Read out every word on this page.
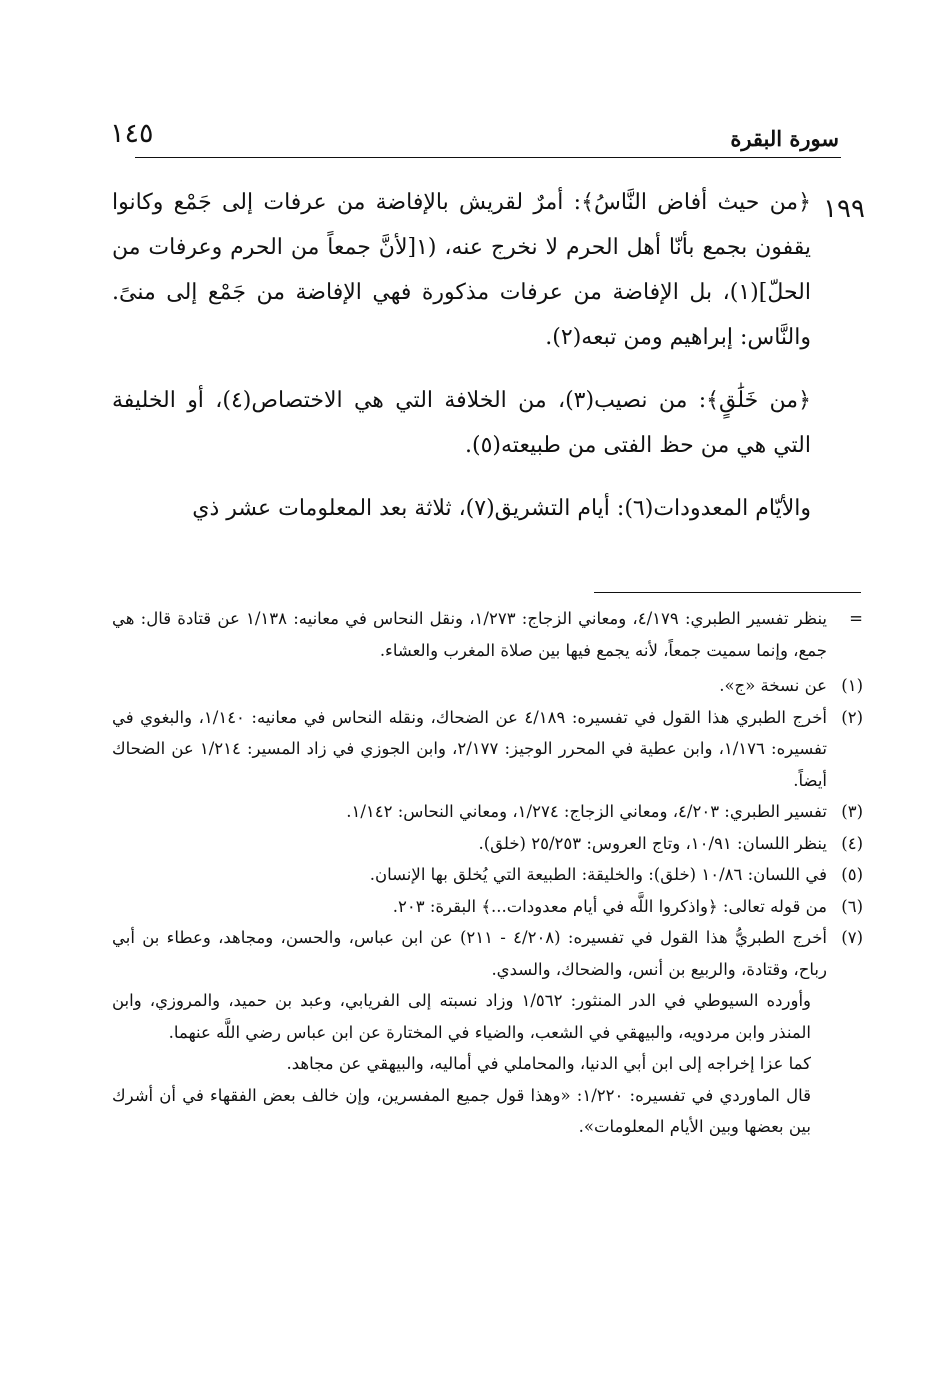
١٤٥	سورة البقرة
١٩٩

﴿من حيث أفاض النَّاسُ﴾: أمرٌ لقريش بالإفاضة من عرفات إلى جَمْع وكانوا يقفون بجمع بأنّا أهل الحرم لا نخرج عنه، (١[لأنَّ جمعاً من الحرم وعرفات من الحلّ](١)، بل الإفاضة من عرفات مذكورة فهي الإفاضة من جَمْع إلى منىً. والنَّاس: إبراهيم ومن تبعه(٢).

﴿من خَلَٰقٍ﴾: من نصيب(٣)، من الخلافة التي هي الاختصاص(٤)، أو الخليفة التي هي من حظ الفتى من طبيعته(٥).

والأيّام المعدودات(٦): أيام التشريق(٧)، ثلاثة بعد المعلومات عشر ذي

=
ينظر تفسير الطبري: ٤/١٧٩، ومعاني الزجاج: ١/٢٧٣، ونقل النحاس في معانيه: ١/١٣٨ عن قتادة قال: هي جمع، وإنما سميت جمعاً، لأنه يجمع فيها بين صلاة المغرب والعشاء.
(١)
عن نسخة «ج».
(٢)
أخرج الطبري هذا القول في تفسيره: ٤/١٨٩ عن الضحاك، ونقله النحاس في معانيه: ١/١٤٠، والبغوي في تفسيره: ١/١٧٦، وابن عطية في المحرر الوجيز: ٢/١٧٧، وابن الجوزي في زاد المسير: ١/٢١٤ عن الضحاك أيضاً.
(٣)
تفسير الطبري: ٤/٢٠٣، ومعاني الزجاج: ١/٢٧٤، ومعاني النحاس: ١/١٤٢.
(٤)
ينظر اللسان: ١٠/٩١، وتاج العروس: ٢٥/٢٥٣ (خلق).
(٥)
في اللسان: ١٠/٨٦ (خلق): والخليقة: الطبيعة التي يُخلق بها الإنسان.
(٦)
من قوله تعالى: ﴿واذكروا اللَّه في أيام معدودات...﴾ البقرة: ٢٠٣.
(٧)
أخرج الطبريُّ هذا القول في تفسيره: (٤/٢٠٨ - ٢١١) عن ابن عباس، والحسن، ومجاهد، وعطاء بن أبي رباح، وقتادة، والربيع بن أنس، والضحاك، والسدي.
وأورده السيوطي في الدر المنثور: ١/٥٦٢ وزاد نسبته إلى الفريابي، وعبد بن حميد، والمروزي، وابن المنذر وابن مردويه، والبيهقي في الشعب، والضياء في المختارة عن ابن عباس رضي اللَّه عنهما.
كما عزا إخراجه إلى ابن أبي الدنيا، والمحاملي في أماليه، والبيهقي عن مجاهد.
قال الماوردي في تفسيره: ١/٢٢٠: «وهذا قول جميع المفسرين، وإن خالف بعض الفقهاء في أن أشرك بين بعضها وبين الأيام المعلومات».
